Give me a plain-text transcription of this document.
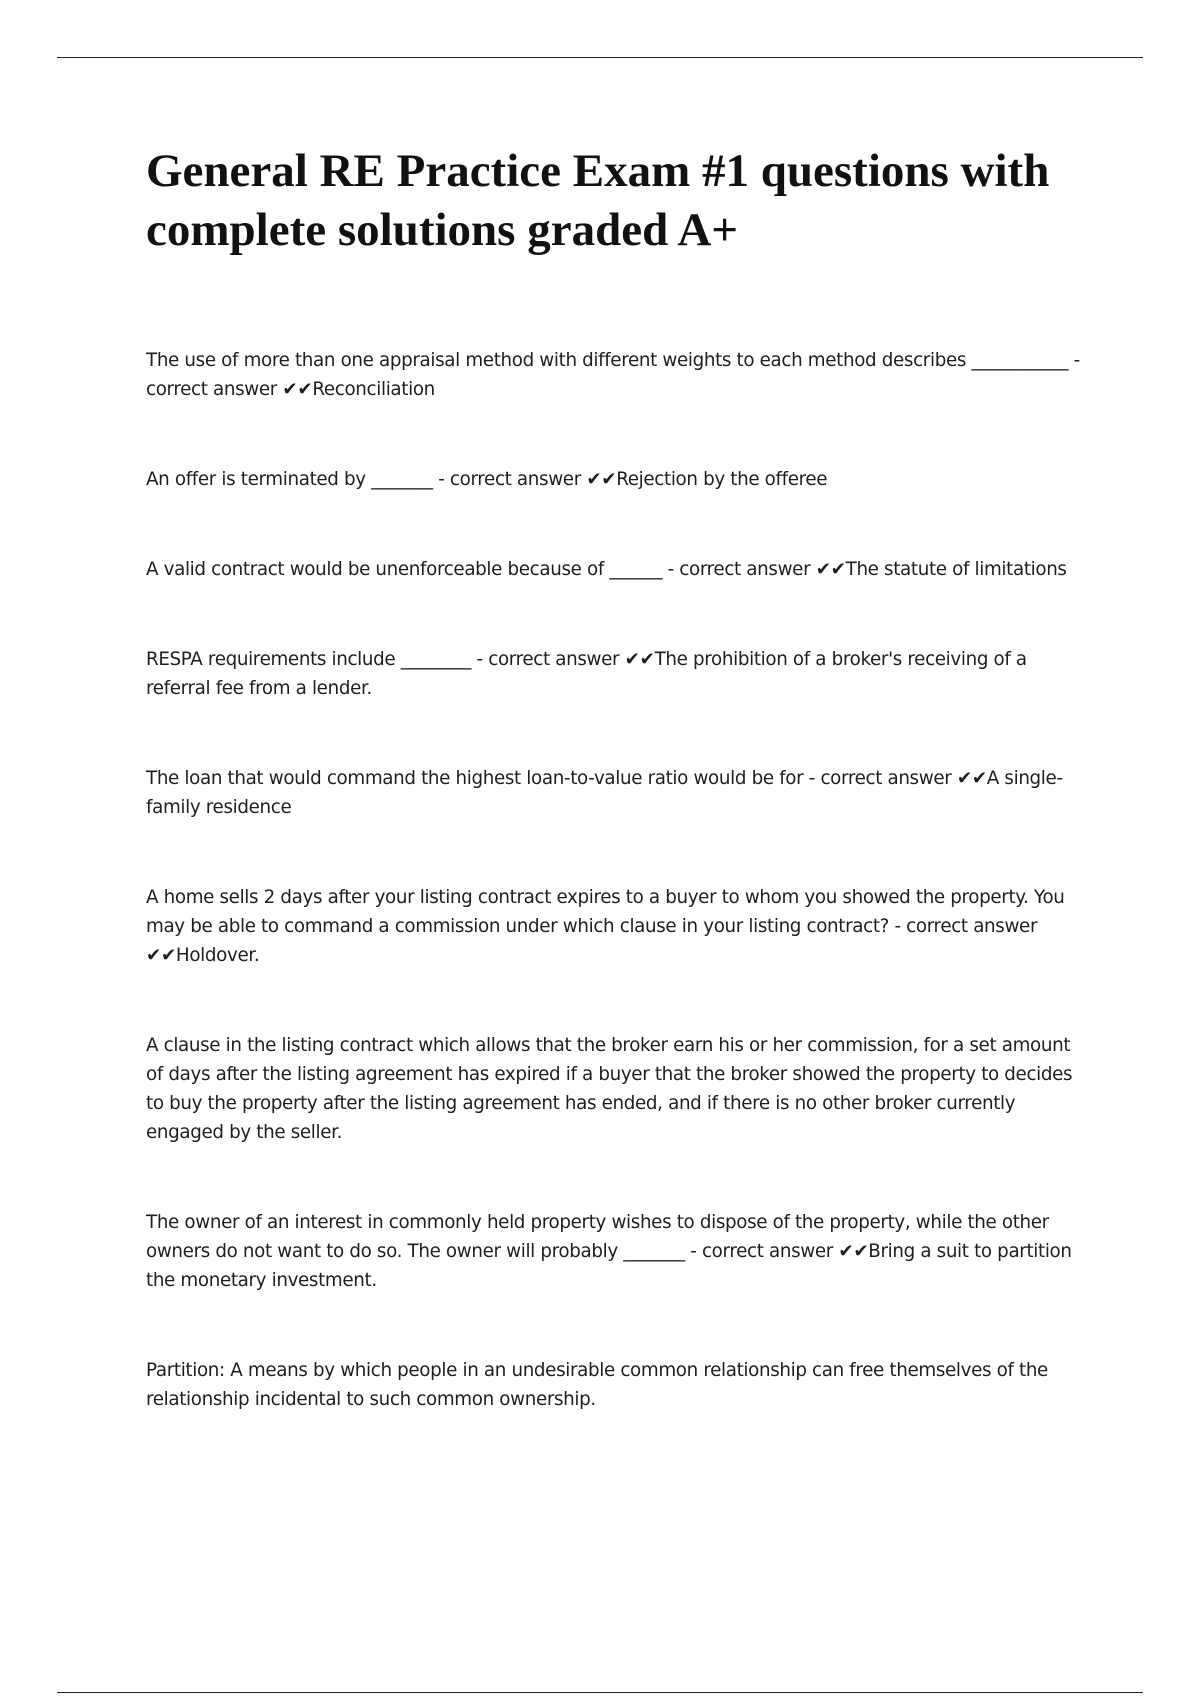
General RE Practice Exam #1 questions with complete solutions graded A+
The use of more than one appraisal method with different weights to each method describes ___________ - correct answer ✔✔Reconciliation
An offer is terminated by _______ - correct answer ✔✔Rejection by the offeree
A valid contract would be unenforceable because of ______ - correct answer ✔✔The statute of limitations
RESPA requirements include ________ - correct answer ✔✔The prohibition of a broker's receiving of a referral fee from a lender.
The loan that would command the highest loan-to-value ratio would be for - correct answer ✔✔A single-family residence
A home sells 2 days after your listing contract expires to a buyer to whom you showed the property. You may be able to command a commission under which clause in your listing contract? - correct answer ✔✔Holdover.
A clause in the listing contract which allows that the broker earn his or her commission, for a set amount of days after the listing agreement has expired if a buyer that the broker showed the property to decides to buy the property after the listing agreement has ended, and if there is no other broker currently engaged by the seller.
The owner of an interest in commonly held property wishes to dispose of the property, while the other owners do not want to do so. The owner will probably _______ - correct answer ✔✔Bring a suit to partition the monetary investment.
Partition: A means by which people in an undesirable common relationship can free themselves of the relationship incidental to such common ownership.
